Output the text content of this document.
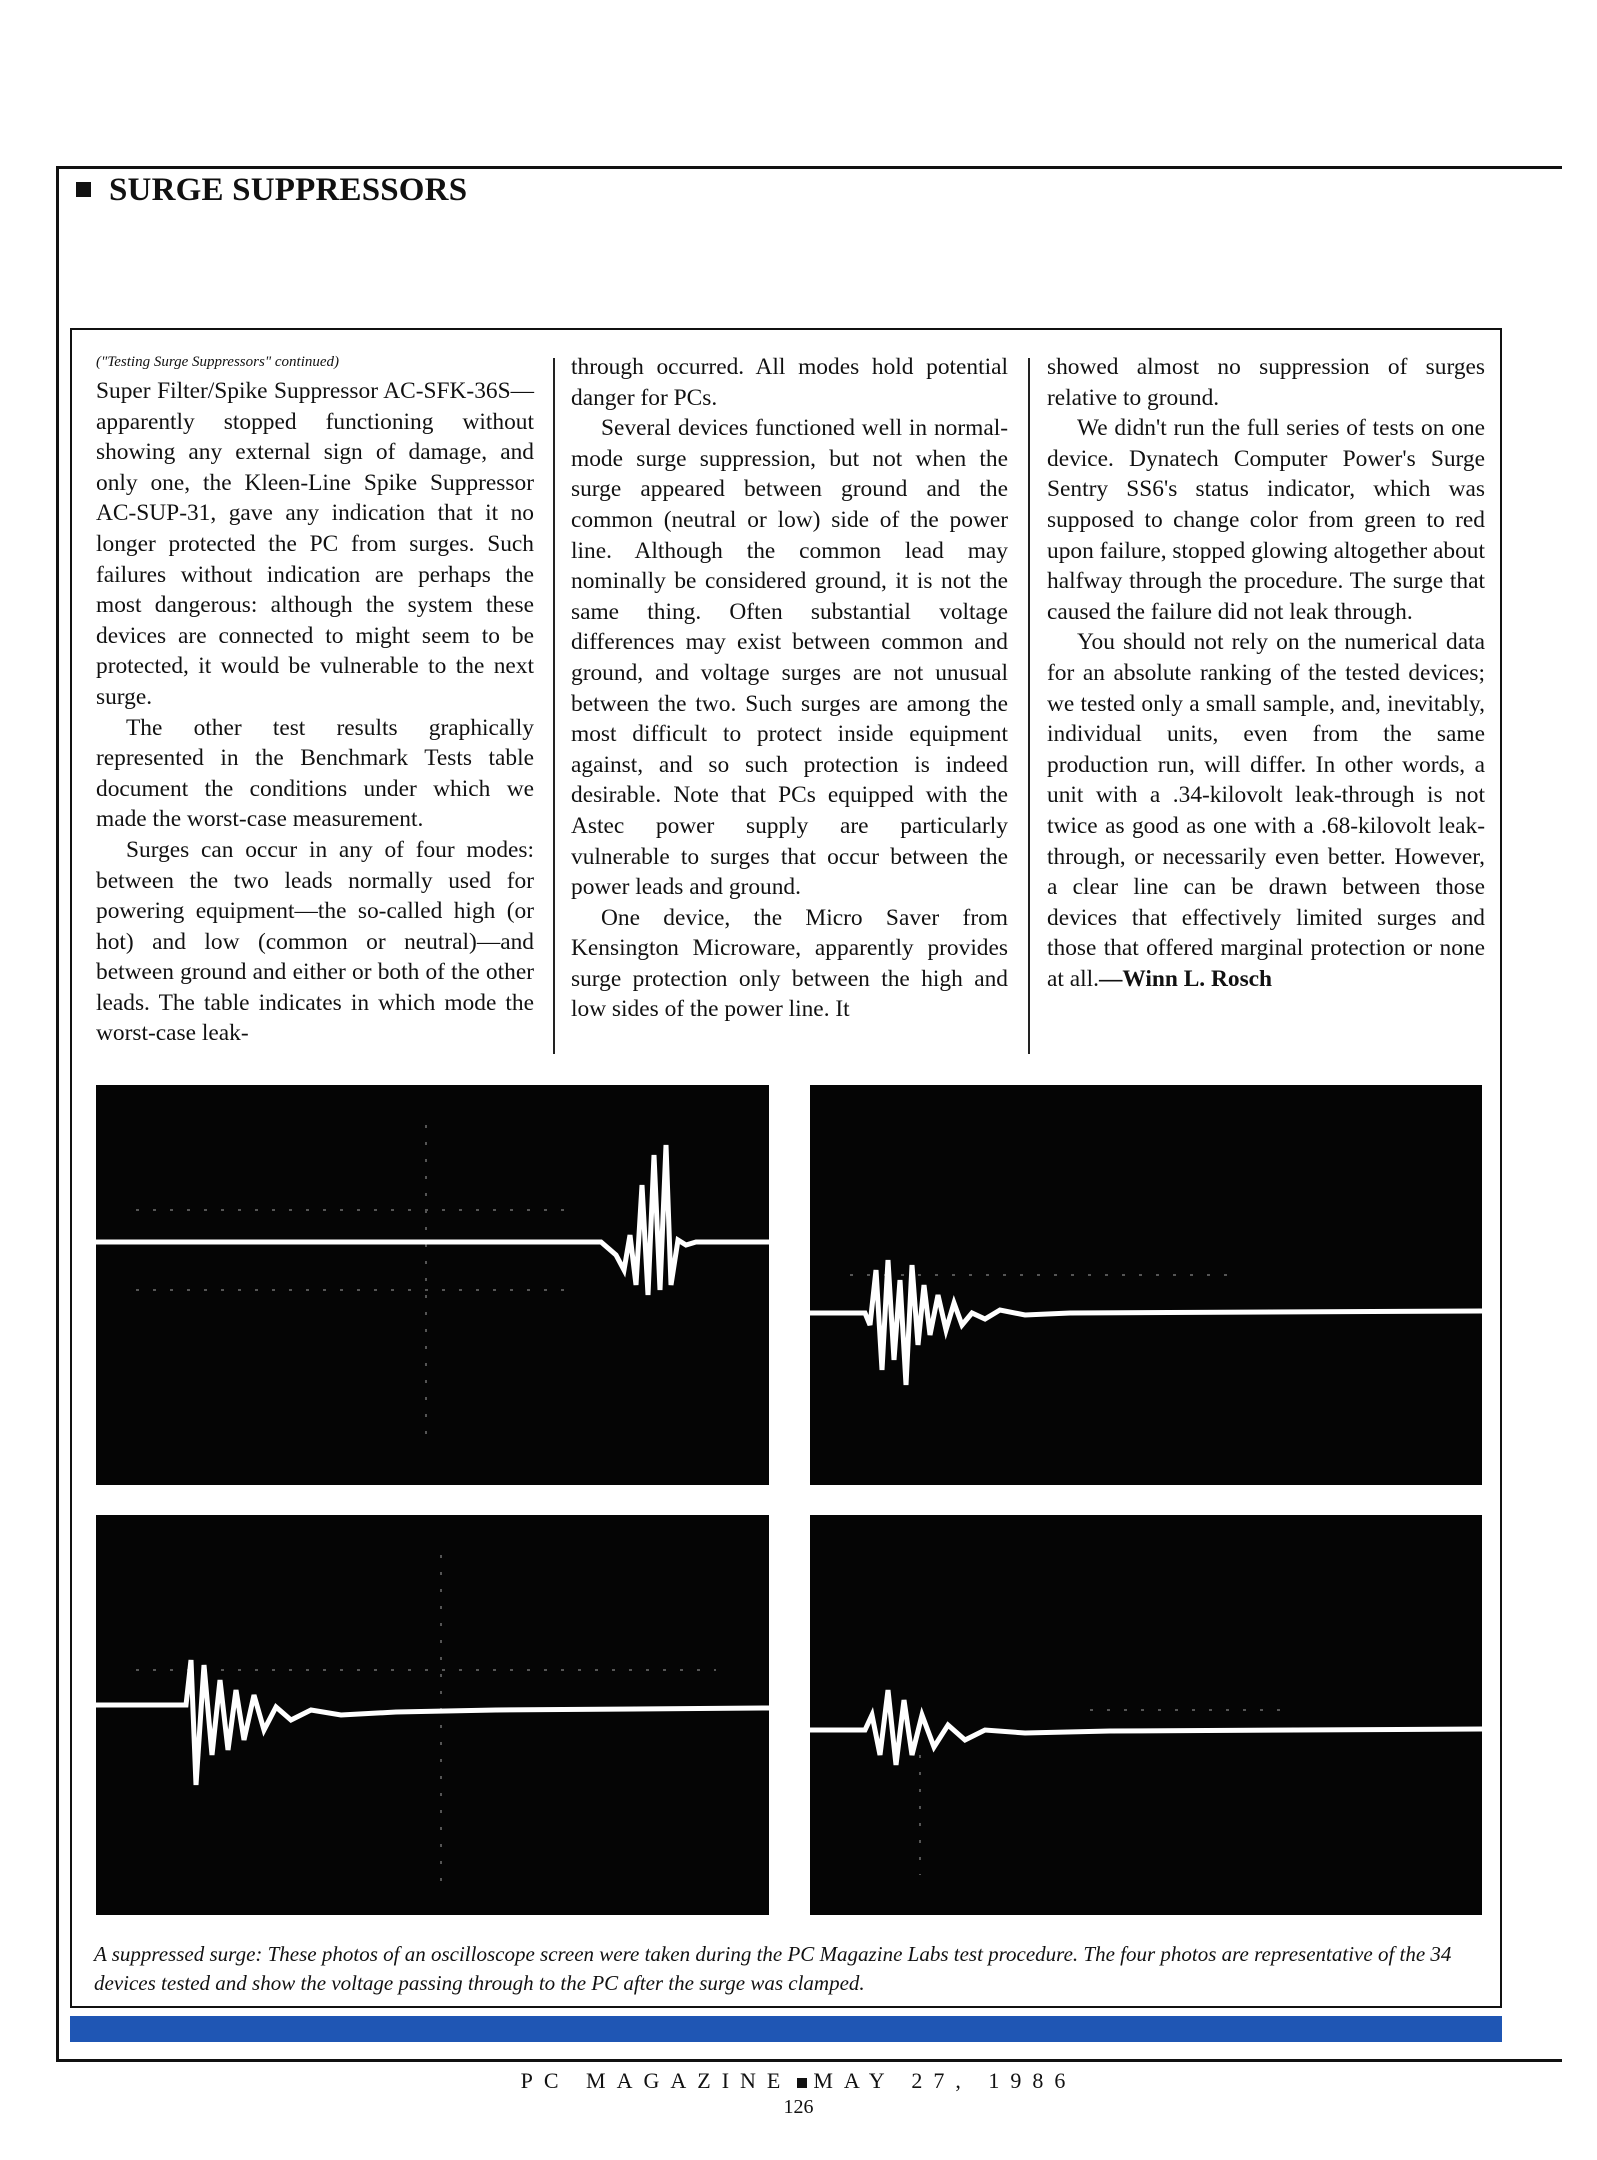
SURGE SUPPRESSORS
("Testing Surge Suppressors" continued)

Super Filter/Spike Suppressor AC-SFK-36S—apparently stopped functioning without showing any external sign of damage, and only one, the Kleen-Line Spike Suppressor AC-SUP-31, gave any indication that it no longer protected the PC from surges. Such failures without indication are perhaps the most dangerous: although the system these devices are connected to might seem to be protected, it would be vulnerable to the next surge.

The other test results graphically represented in the Benchmark Tests table document the conditions under which we made the worst-case measurement.

Surges can occur in any of four modes: between the two leads normally used for powering equipment—the so-called high (or hot) and low (common or neutral)—and between ground and either or both of the other leads. The table indicates in which mode the worst-case leak-

through occurred. All modes hold potential danger for PCs.

Several devices functioned well in normal-mode surge suppression, but not when the surge appeared between ground and the common (neutral or low) side of the power line. Although the common lead may nominally be considered ground, it is not the same thing. Often substantial voltage differences may exist between common and ground, and voltage surges are not unusual between the two. Such surges are among the most difficult to protect inside equipment against, and so such protection is indeed desirable. Note that PCs equipped with the Astec power supply are particularly vulnerable to surges that occur between the power leads and ground.

One device, the Micro Saver from Kensington Microware, apparently provides surge protection only between the high and low sides of the power line. It

showed almost no suppression of surges relative to ground.

We didn't run the full series of tests on one device. Dynatech Computer Power's Surge Sentry SS6's status indicator, which was supposed to change color from green to red upon failure, stopped glowing altogether about halfway through the procedure. The surge that caused the failure did not leak through.

You should not rely on the numerical data for an absolute ranking of the tested devices; we tested only a small sample, and, inevitably, individual units, even from the same production run, will differ. In other words, a unit with a .34-kilovolt leak-through is not twice as good as one with a .68-kilovolt leak-through, or necessarily even better. However, a clear line can be drawn between those devices that effectively limited surges and those that offered marginal protection or none at all.—Winn L. Rosch

A suppressed surge: These photos of an oscilloscope screen were taken during the PC Magazine Labs test procedure. The four photos are representative of the 34 devices tested and show the voltage passing through to the PC after the surge was clamped.
PC MAGAZINE MAY 27, 1986
126
